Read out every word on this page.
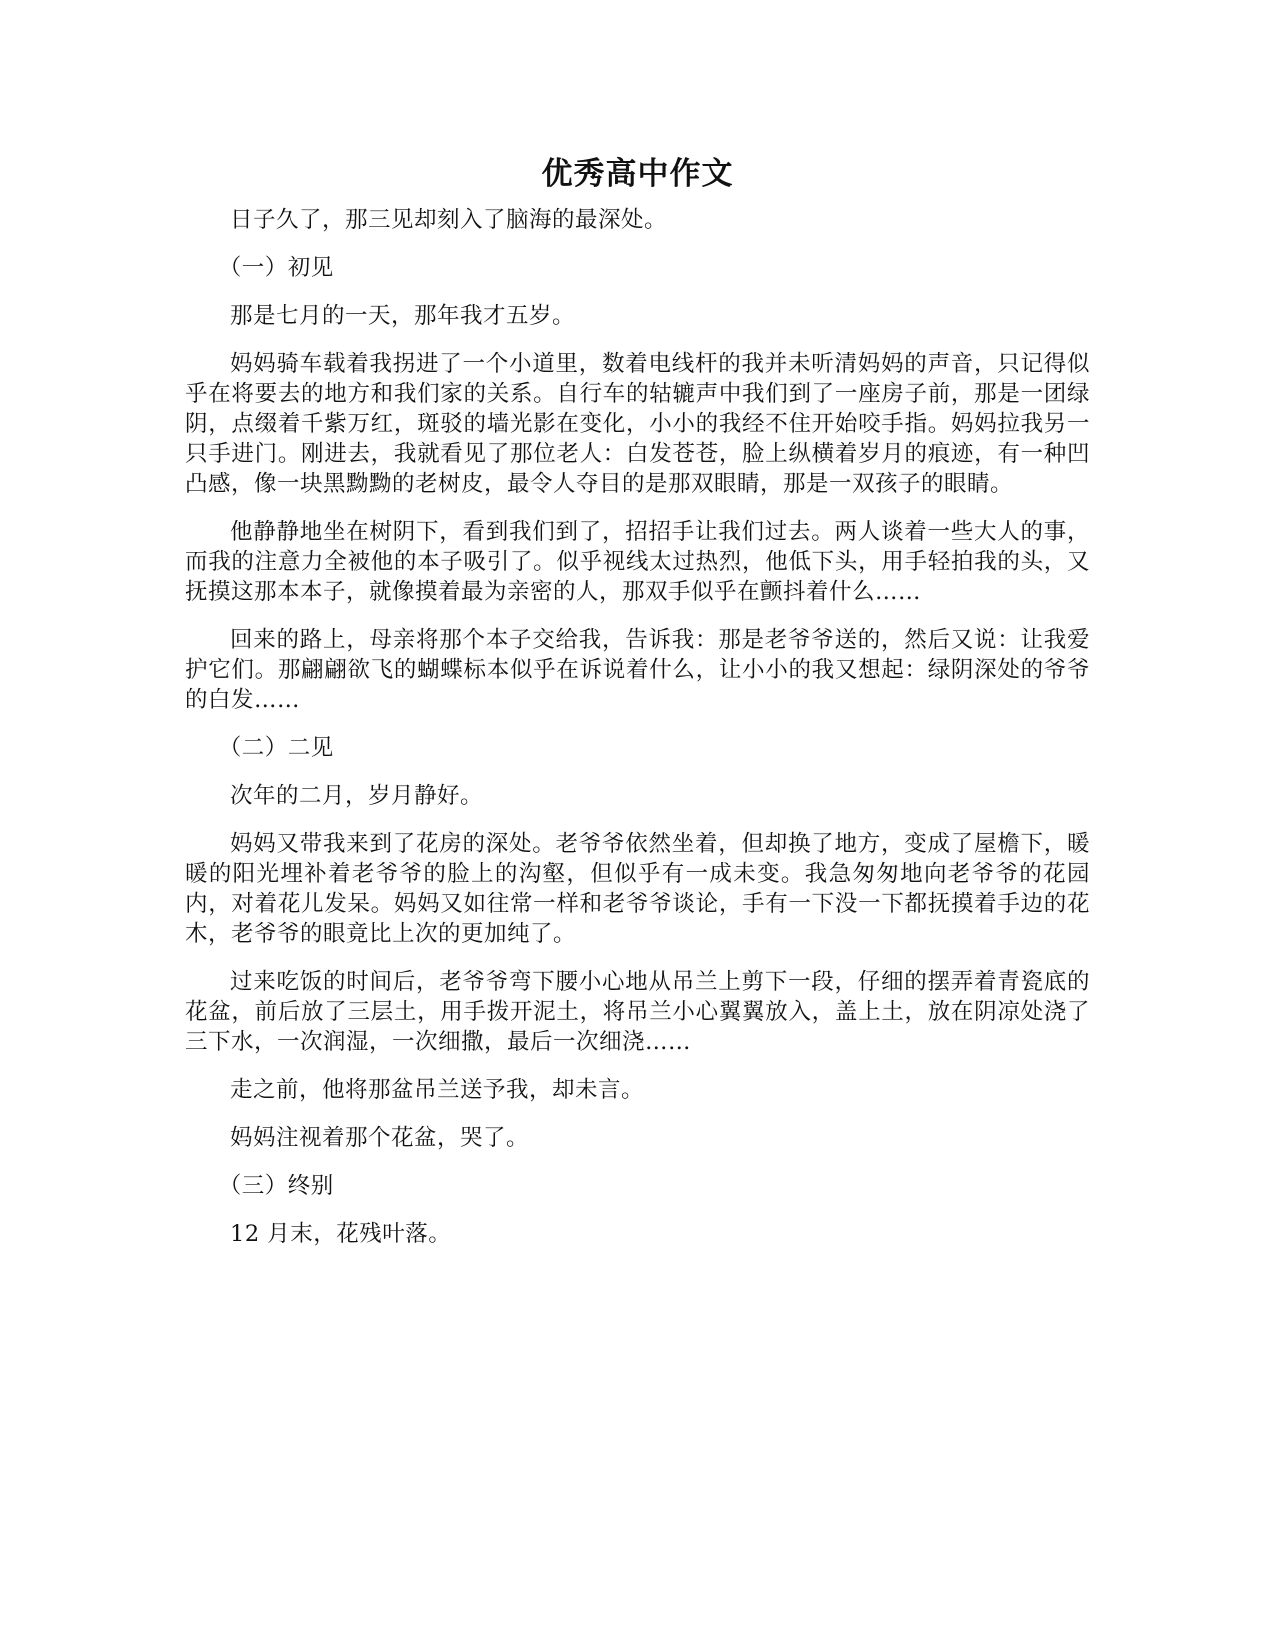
优秀高中作文

日子久了，那三见却刻入了脑海的最深处。

（一）初见

那是七月的一天，那年我才五岁。

妈妈骑车载着我拐进了一个小道里，数着电线杆的我并未听清妈妈的声音，只记得似乎在将要去的地方和我们家的关系。自行车的轱辘声中我们到了一座房子前，那是一团绿阴，点缀着千紫万红，斑驳的墙光影在变化，小小的我经不住开始咬手指。妈妈拉我另一只手进门。刚进去，我就看见了那位老人：白发苍苍，脸上纵横着岁月的痕迹，有一种凹凸感，像一块黑黝黝的老树皮，最令人夺目的是那双眼睛，那是一双孩子的眼睛。

他静静地坐在树阴下，看到我们到了，招招手让我们过去。两人谈着一些大人的事，而我的注意力全被他的本子吸引了。似乎视线太过热烈，他低下头，用手轻拍我的头，又抚摸这那本本子，就像摸着最为亲密的人，那双手似乎在颤抖着什么……

回来的路上，母亲将那个本子交给我，告诉我：那是老爷爷送的，然后又说：让我爱护它们。那翩翩欲飞的蝴蝶标本似乎在诉说着什么，让小小的我又想起：绿阴深处的爷爷的白发……

（二）二见

次年的二月，岁月静好。

妈妈又带我来到了花房的深处。老爷爷依然坐着，但却换了地方，变成了屋檐下，暖暖的阳光埋补着老爷爷的脸上的沟壑，但似乎有一成未变。我急匆匆地向老爷爷的花园内，对着花儿发呆。妈妈又如往常一样和老爷爷谈论，手有一下没一下都抚摸着手边的花木，老爷爷的眼竟比上次的更加纯了。

过来吃饭的时间后，老爷爷弯下腰小心地从吊兰上剪下一段，仔细的摆弄着青瓷底的花盆，前后放了三层土，用手拨开泥土，将吊兰小心翼翼放入，盖上土，放在阴凉处浇了三下水，一次润湿，一次细撒，最后一次细浇……

走之前，他将那盆吊兰送予我，却未言。

妈妈注视着那个花盆，哭了。

（三）终别

12 月末，花残叶落。
